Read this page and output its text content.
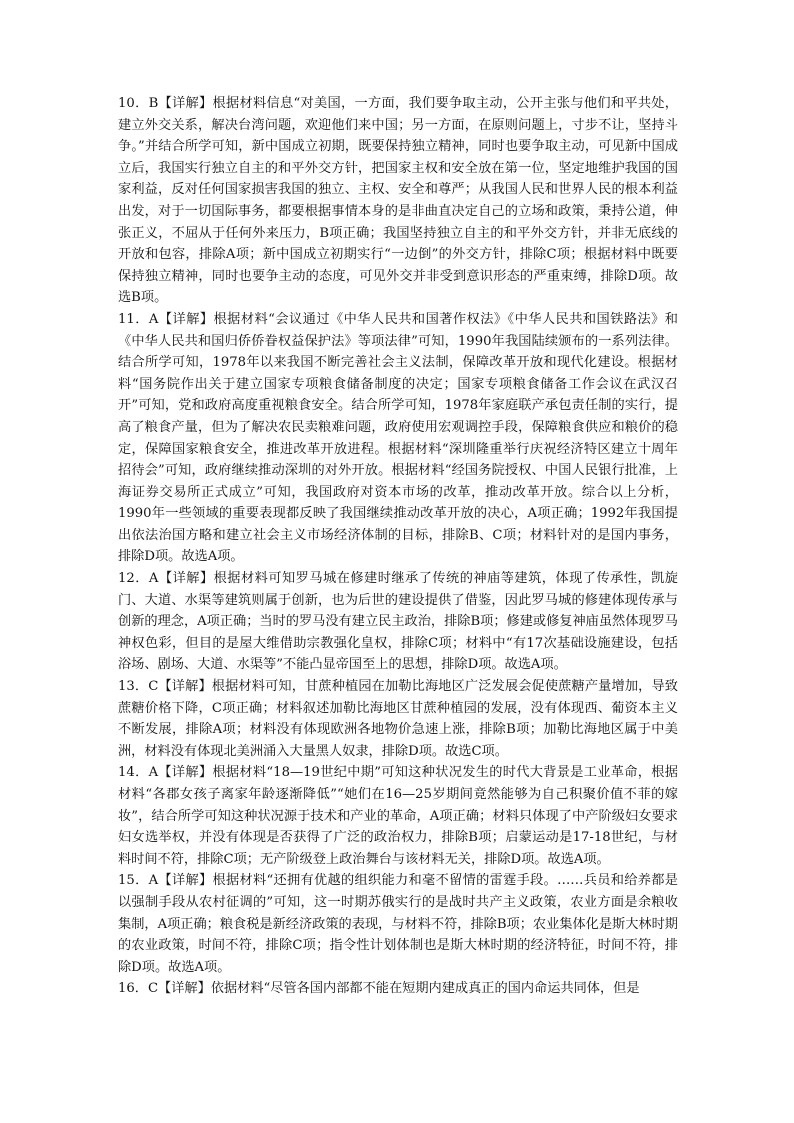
10．B【详解】根据材料信息“对美国，一方面，我们要争取主动，公开主张与他们和平共处，建立外交关系，解决台湾问题，欢迎他们来中国；另一方面，在原则问题上，寸步不让，坚持斗争。”并结合所学可知，新中国成立初期，既要保持独立精神，同时也要争取主动，可见新中国成立后，我国实行独立自主的和平外交方针，把国家主权和安全放在第一位，坚定地维护我国的国家利益，反对任何国家损害我国的独立、主权、安全和尊严；从我国人民和世界人民的根本利益出发，对于一切国际事务，都要根据事情本身的是非曲直决定自己的立场和政策，秉持公道，伸张正义，不屈从于任何外来压力，B项正确；我国坚持独立自主的和平外交方针，并非无底线的开放和包容，排除A项；新中国成立初期实行“一边倒”的外交方针，排除C项；根据材料中既要保持独立精神，同时也要争主动的态度，可见外交并非受到意识形态的严重束缚，排除D项。故选B项。

11．A【详解】根据材料“会议通过《中华人民共和国著作权法》《中华人民共和国铁路法》和《中华人民共和国归侨侨眷权益保护法》等项法律”可知，1990年我国陆续颁布的一系列法律。结合所学可知，1978年以来我国不断完善社会主义法制，保障改革开放和现代化建设。根据材料“国务院作出关于建立国家专项粮食储备制度的决定；国家专项粮食储备工作会议在武汉召开”可知，党和政府高度重视粮食安全。结合所学可知，1978年家庭联产承包责任制的实行，提高了粮食产量，但为了解决农民卖粮难问题，政府使用宏观调控手段，保障粮食供应和粮价的稳定，保障国家粮食安全，推进改革开放进程。根据材料“深圳隆重举行庆祝经济特区建立十周年招待会”可知，政府继续推动深圳的对外开放。根据材料“经国务院授权、中国人民银行批准，上海证券交易所正式成立”可知，我国政府对资本市场的改革，推动改革开放。综合以上分析，1990年一些领域的重要表现都反映了我国继续推动改革开放的决心，A项正确；1992年我国提出依法治国方略和建立社会主义市场经济体制的目标，排除B、C项；材料针对的是国内事务，排除D项。故选A项。

12．A【详解】根据材料可知罗马城在修建时继承了传统的神庙等建筑，体现了传承性，凯旋门、大道、水渠等建筑则属于创新，也为后世的建设提供了借鉴，因此罗马城的修建体现传承与创新的理念，A项正确；当时的罗马没有建立民主政治，排除B项；修建或修复神庙虽然体现罗马神权色彩，但目的是屋大维借助宗教强化皇权，排除C项；材料中“有17次基础设施建设，包括浴场、剧场、大道、水渠等”不能凸显帝国至上的思想，排除D项。故选A项。

13．C【详解】根据材料可知，甘蔗种植园在加勒比海地区广泛发展会促使蔗糖产量增加，导致蔗糖价格下降，C项正确；材料叙述加勒比海地区甘蔗种植园的发展，没有体现西、葡资本主义不断发展，排除A项；材料没有体现欧洲各地物价急速上涨，排除B项；加勒比海地区属于中美洲，材料没有体现北美洲涌入大量黑人奴隶，排除D项。故选C项。

14．A【详解】根据材料“18—19世纪中期”可知这种状况发生的时代大背景是工业革命，根据材料“各郡女孩子离家年龄逐渐降低”“她们在16—25岁期间竟然能够为自己积聚价值不菲的嫁妆”，结合所学可知这种状况源于技术和产业的革命，A项正确；材料只体现了中产阶级妇女要求妇女选举权，并没有体现是否获得了广泛的政治权力，排除B项；启蒙运动是17-18世纪，与材料时间不符，排除C项；无产阶级登上政治舞台与该材料无关，排除D项。故选A项。

15．A【详解】根据材料“还拥有优越的组织能力和毫不留情的雷霆手段。……兵员和给养都是以强制手段从农村征调的”可知，这一时期苏俄实行的是战时共产主义政策，农业方面是余粮收集制，A项正确；粮食税是新经济政策的表现，与材料不符，排除B项；农业集体化是斯大林时期的农业政策，时间不符，排除C项；指令性计划体制也是斯大林时期的经济特征，时间不符，排除D项。故选A项。

16．C【详解】依据材料“尽管各国内部都不能在短期内建成真正的国内命运共同体，但是
